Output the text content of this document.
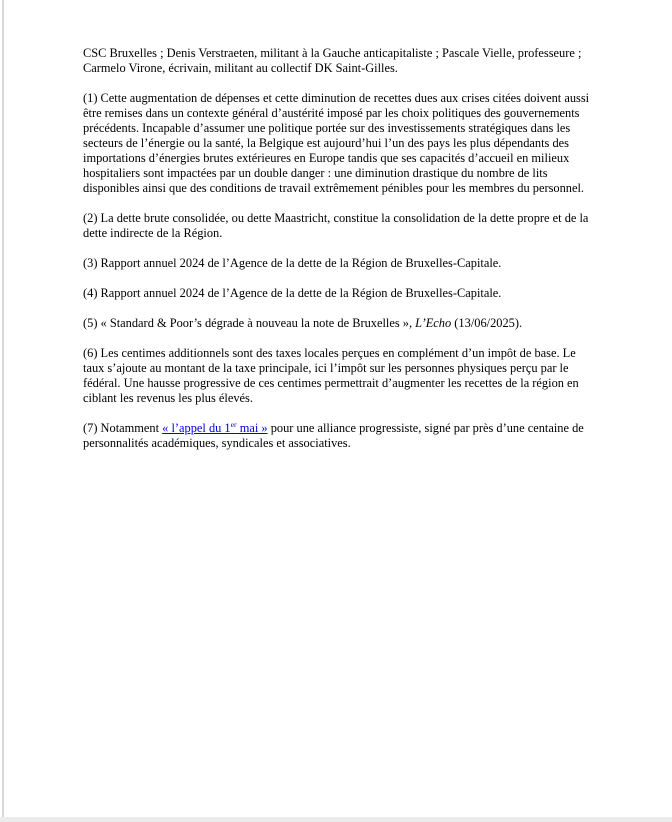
CSC Bruxelles ; Denis Verstraeten, militant à la Gauche anticapitaliste ; Pascale Vielle, professeure ; Carmelo Virone, écrivain, militant au collectif DK Saint-Gilles.

(1) Cette augmentation de dépenses et cette diminution de recettes dues aux crises citées doivent aussi être remises dans un contexte général d’austérité imposé par les choix politiques des gouvernements précédents. Incapable d’assumer une politique portée sur des investissements stratégiques dans les secteurs de l’énergie ou la santé, la Belgique est aujourd’hui l’un des pays les plus dépendants des importations d’énergies brutes extérieures en Europe tandis que ses capacités d’accueil en milieux hospitaliers sont impactées par un double danger : une diminution drastique du nombre de lits disponibles ainsi que des conditions de travail extrêmement pénibles pour les membres du personnel.

(2) La dette brute consolidée, ou dette Maastricht, constitue la consolidation de la dette propre et de la dette indirecte de la Région.

(3) Rapport annuel 2024 de l’Agence de la dette de la Région de Bruxelles-Capitale.

(4) Rapport annuel 2024 de l’Agence de la dette de la Région de Bruxelles-Capitale.

(5) « Standard & Poor’s dégrade à nouveau la note de Bruxelles », L’Echo (13/06/2025).

(6) Les centimes additionnels sont des taxes locales perçues en complément d’un impôt de base. Le taux s’ajoute au montant de la taxe principale, ici l’impôt sur les personnes physiques perçu par le fédéral. Une hausse progressive de ces centimes permettrait d’augmenter les recettes de la région en ciblant les revenus les plus élevés.

(7) Notamment « l’appel du 1er mai » pour une alliance progressiste, signé par près d’une centaine de personnalités académiques, syndicales et associatives.
